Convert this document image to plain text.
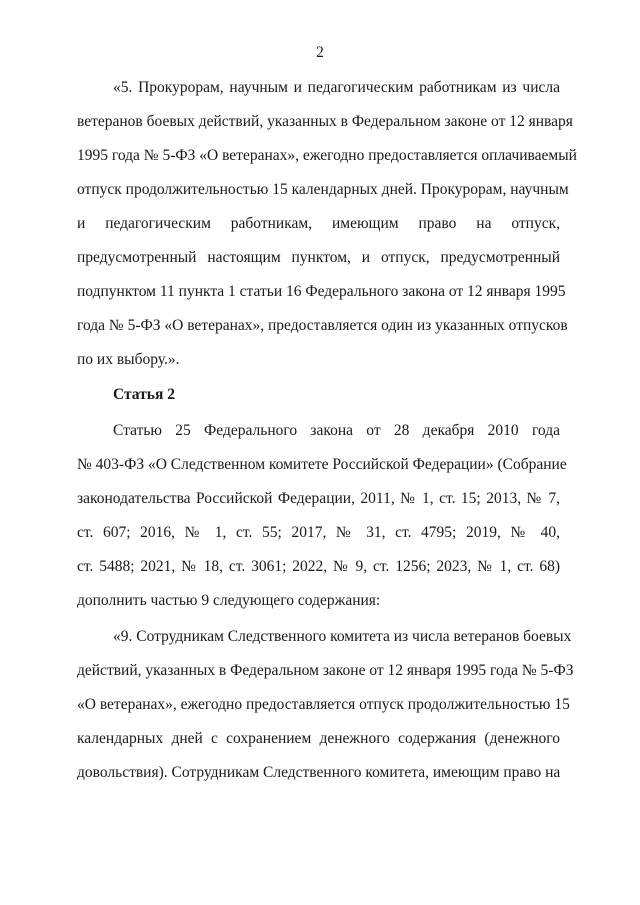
2
«5. Прокурорам, научным и педагогическим работникам из числа
ветеранов боевых действий, указанных в Федеральном законе от 12 января
1995 года № 5-ФЗ «О ветеранах», ежегодно предоставляется оплачиваемый
отпуск продолжительностью 15 календарных дней. Прокурорам, научным
и педагогическим работникам, имеющим право на отпуск,
предусмотренный настоящим пунктом, и отпуск, предусмотренный
подпунктом 11 пункта 1 статьи 16 Федерального закона от 12 января 1995
года № 5-ФЗ «О ветеранах», предоставляется один из указанных отпусков
по их выбору.».
Статья 2
Статью 25 Федерального закона от 28 декабря 2010 года
№ 403-ФЗ «О Следственном комитете Российской Федерации» (Собрание
законодательства Российской Федерации, 2011, № 1, ст. 15; 2013, № 7,
ст. 607; 2016, № 1, ст. 55; 2017, № 31, ст. 4795; 2019, № 40,
ст. 5488; 2021, № 18, ст. 3061; 2022, № 9, ст. 1256; 2023, № 1, ст. 68)
дополнить частью 9 следующего содержания:
«9. Сотрудникам Следственного комитета из числа ветеранов боевых
действий, указанных в Федеральном законе от 12 января 1995 года № 5-ФЗ
«О ветеранах», ежегодно предоставляется отпуск продолжительностью 15
календарных дней с сохранением денежного содержания (денежного
довольствия). Сотрудникам Следственного комитета, имеющим право на
